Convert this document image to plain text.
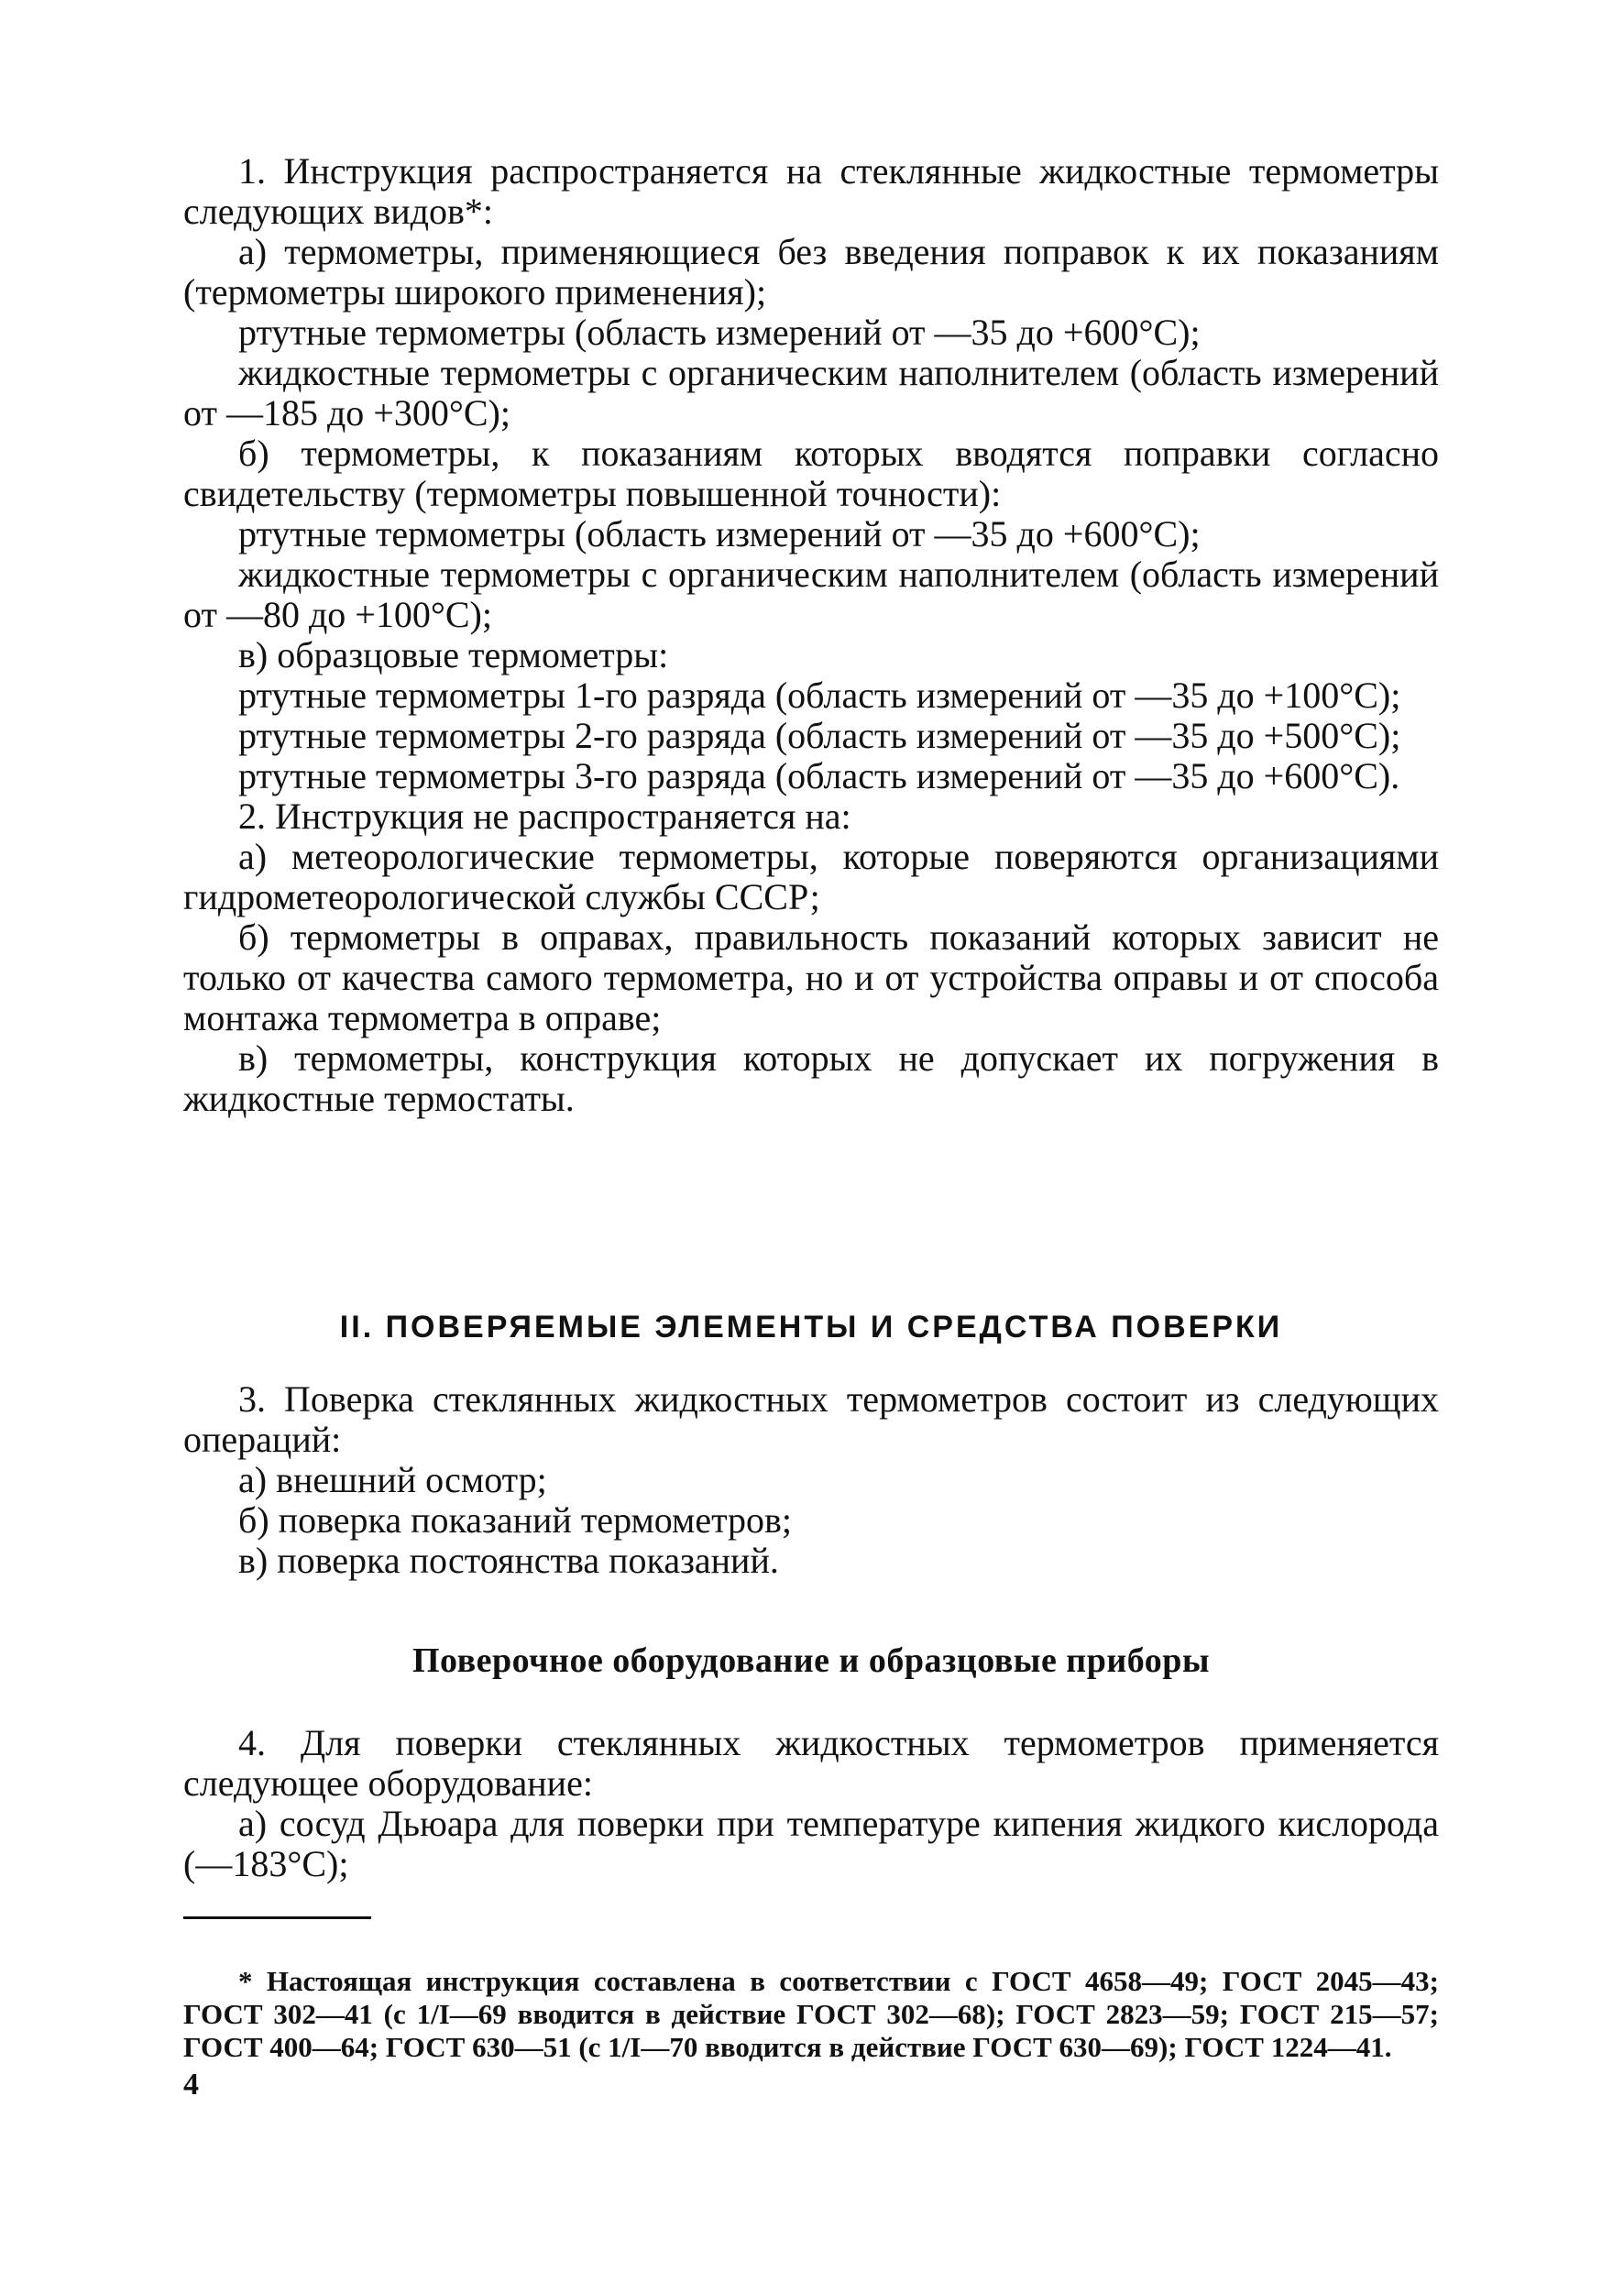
1. Инструкция распространяется на стеклянные жидкостные термометры следующих видов*:

а) термометры, применяющиеся без введения поправок к их показаниям (термометры широкого применения);

ртутные термометры (область измерений от —35 до +600°C);

жидкостные термометры с органическим наполнителем (область измерений от —185 до +300°C);

б) термометры, к показаниям которых вводятся поправки согласно свидетельству (термометры повышенной точности):

ртутные термометры (область измерений от —35 до +600°C);

жидкостные термометры с органическим наполнителем (область измерений от —80 до +100°C);

в) образцовые термометры:

ртутные термометры 1-го разряда (область измерений от —35 до +100°C);

ртутные термометры 2-го разряда (область измерений от —35 до +500°C);

ртутные термометры 3-го разряда (область измерений от —35 до +600°C).

2. Инструкция не распространяется на:

а) метеорологические термометры, которые поверяются организациями гидрометеорологической службы СССР;

б) термометры в оправах, правильность показаний которых зависит не только от качества самого термометра, но и от устройства оправы и от способа монтажа термометра в оправе;

в) термометры, конструкция которых не допускает их погружения в жидкостные термостаты.

II. ПОВЕРЯЕМЫЕ ЭЛЕМЕНТЫ И СРЕДСТВА ПОВЕРКИ

3. Поверка стеклянных жидкостных термометров состоит из следующих операций:

а) внешний осмотр;

б) поверка показаний термометров;

в) поверка постоянства показаний.

Поверочное оборудование и образцовые приборы

4. Для поверки стеклянных жидкостных термометров применяется следующее оборудование:

а) сосуд Дьюара для поверки при температуре кипения жидкого кислорода (—183°C);

* Настоящая инструкция составлена в соответствии с ГОСТ 4658—49; ГОСТ 2045—43; ГОСТ 302—41 (с 1/I—69 вводится в действие ГОСТ 302—68); ГОСТ 2823—59; ГОСТ 215—57; ГОСТ 400—64; ГОСТ 630—51 (с 1/I—70 вводится в действие ГОСТ 630—69); ГОСТ 1224—41.

4
